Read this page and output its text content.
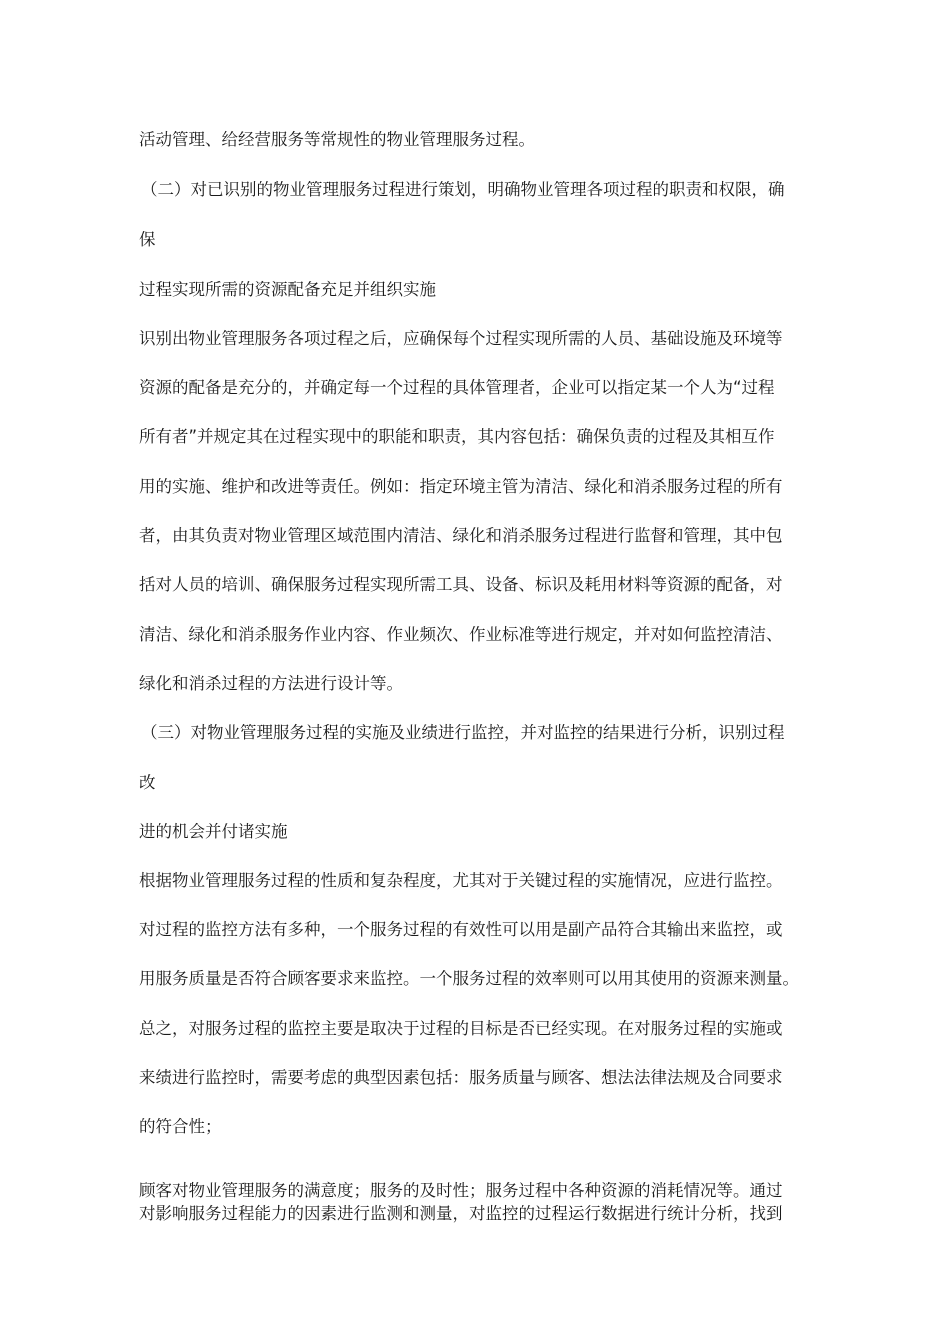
活动管理、给经营服务等常规性的物业管理服务过程。
（二）对已识别的物业管理服务过程进行策划，明确物业管理各项过程的职责和权限，确
保
过程实现所需的资源配备充足并组织实施
识别出物业管理服务各项过程之后，应确保每个过程实现所需的人员、基础设施及环境等
资源的配备是充分的，并确定每一个过程的具体管理者，企业可以指定某一个人为“过程
所有者”并规定其在过程实现中的职能和职责，其内容包括：确保负责的过程及其相互作
用的实施、维护和改进等责任。例如：指定环境主管为清洁、绿化和消杀服务过程的所有
者，由其负责对物业管理区域范围内清洁、绿化和消杀服务过程进行监督和管理，其中包
括对人员的培训、确保服务过程实现所需工具、设备、标识及耗用材料等资源的配备，对
清洁、绿化和消杀服务作业内容、作业频次、作业标准等进行规定，并对如何监控清洁、
绿化和消杀过程的方法进行设计等。
（三）对物业管理服务过程的实施及业绩进行监控，并对监控的结果进行分析，识别过程
改
进的机会并付诸实施
根据物业管理服务过程的性质和复杂程度，尤其对于关键过程的实施情况，应进行监控。
对过程的监控方法有多种，一个服务过程的有效性可以用是副产品符合其输出来监控，或
用服务质量是否符合顾客要求来监控。一个服务过程的效率则可以用其使用的资源来测量。
总之，对服务过程的监控主要是取决于过程的目标是否已经实现。在对服务过程的实施或
来绩进行监控时，需要考虑的典型因素包括：服务质量与顾客、想法法律法规及合同要求
的符合性；
顾客对物业管理服务的满意度；服务的及时性；服务过程中各种资源的消耗情况等。通过
对影响服务过程能力的因素进行监测和测量，对监控的过程运行数据进行统计分析，找到
